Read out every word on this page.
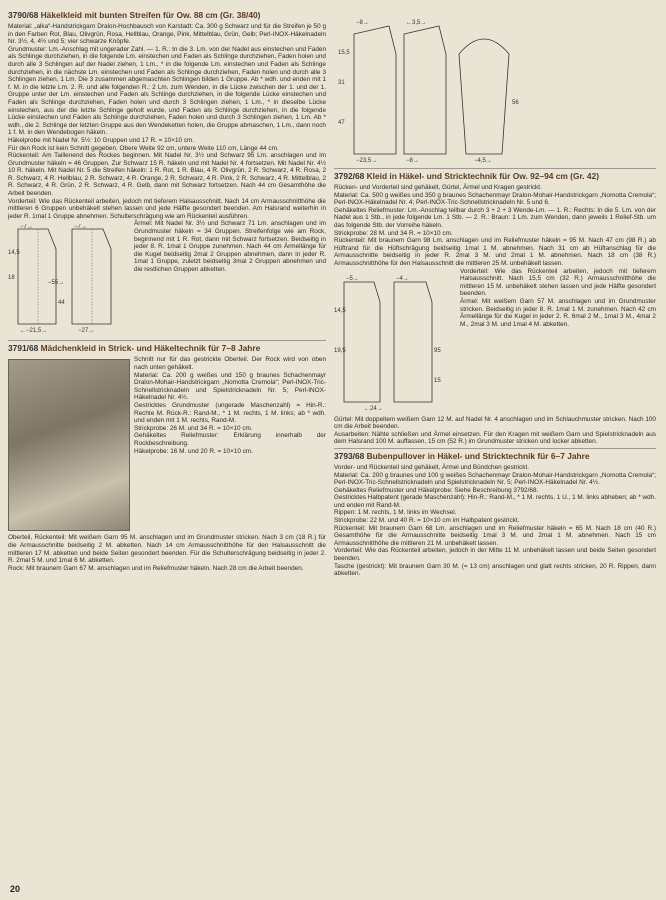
3790/68 Häkelkleid mit bunten Streifen für Ow. 88 cm (Gr. 38/40)

Material: „alka“-Handstrickgarn Dralon-Hochbausch von Karstadt: Ca. 300 g Schwarz und für die Streifen je 50 g in den Farben Rot, Blau, Olivgrün, Rosa, Hellblau, Orange, Pink, Mittelblau, Grün, Gelb; Perl-INOX-Häkelnadeln Nr. 3½, 4, 4½ und 5; vier schwarze Knöpfe.

Grundmuster: Lm.-Anschlag mit ungerader Zahl. — 1. R.: In die 3. Lm. von der Nadel aus einstechen und Faden als Schlinge durchziehen, in die folgende Lm. einstechen und Faden als Schlinge durchziehen, Faden holen und durch alle 3 Schlingen auf der Nadel ziehen, 1 Lm., * in die folgende Lm. einstechen und Faden als Schlinge durchziehen, in die nächste Lm. einstechen und Faden als Schlinge durchziehen, Faden holen und durch alle 3 Schlingen ziehen, 1 Lm. Die 3 zusammen abgemaschten Schlingen bilden 1 Gruppe. Ab * wdh. und enden mit 1 f. M. in die letzte Lm. 2. R. und alle folgenden R.: 2 Lm. zum Wenden, in die Lücke zwischen der 1. und der 1. Gruppe unter der Lm. einstechen und Faden als Schlinge durchziehen, in die folgende Lücke einstechen und Faden als Schlinge durchziehen, Faden holen und durch 3 Schlingen ziehen, 1 Lm., * in dieselbe Lücke einstechen, aus der die letzte Schlinge geholt wurde, und Faden als Schlinge durchziehen, in die folgende Lücke einstechen und Faden als Schlinge durchziehen, Faden holen und durch 3 Schlingen ziehen, 1 Lm. Ab * wdh., die 2. Schlinge der letzten Gruppe aus den Wendeketten holen, die Gruppe abmaschen, 1 Lm., dann noch 1 f. M. in den Wendebogen häkeln.

Häkelprobe mit Nadel Nr. 5½: 10 Gruppen und 17 R. = 10×10 cm.

Für den Rock ist kein Schnitt gegeben. Obere Weite 92 cm, untere Weite 110 cm, Länge 44 cm.

Rückenteil: Am Taillenend des Rockes beginnen. Mit Nadel Nr. 3½ und Schwarz 95 Lm. anschlagen und im Grundmuster häkeln = 46 Gruppen. Zur Schwarz 15 R. häkeln und mit Nadel Nr. 4 fortsetzen. Mit Nadel Nr. 4½ 10 R. häkeln. Mit Nadel Nr. 5 die Streifen häkeln: 1 R. Rot, 1 R. Blau, 4 R. Olivgrün, 2 R. Schwarz, 4 R. Rosa, 2 R. Schwarz, 4 R. Hellblau, 2 R. Schwarz, 4 R. Orange, 2 R. Schwarz, 4 R. Pink, 2 R. Schwarz, 4 R. Mittelblau, 2 R. Schwarz, 4 R. Grün, 2 R. Schwarz, 4 R. Gelb, dann mit Schwarz fortsetzen. Nach 44 cm Gesamthöhe die Arbeit beenden.

Vorderteil: Wie das Rückenteil arbeiten, jedoch mit tieferem Halsausschnitt. Nach 14 cm Armausschnitthöhe die mittleren 6 Gruppen unbehäkelt stehen lassen und jede Hälfte gesondert beenden. Am Halsrand weiterhin in jeder R. 1mal 1 Gruppe abnehmen. Schulterschrägung wie am Rückenteil ausführen.

−7→	−7→
14,5
18
44
←−21,5→	−27→
−55→

Ärmel: Mit Nadel Nr. 3½ und Schwarz 71 Lm. anschlagen und im Grundmuster häkeln = 34 Gruppen. Streifenfolge wie am Rock, beginnend mit 1 R. Rot, dann mit Schwarz fortsetzen. Beidseitig in jeder 8. R. 1mal 1 Gruppe zunehmen. Nach 44 cm Ärmellänge für die Kugel beidseitig 2mal 2 Gruppen abnehmen, dann in jeder R. 1mal 1 Gruppe, zuletzt beidseitig 3mal 2 Gruppen abnehmen und die restlichen Gruppen abketten.

3791/68 Mädchenkleid in Strick- und Häkeltechnik für 7–8 Jahre

Schnitt nur für das gestrickte Oberteil. Der Rock wird von oben nach unten gehäkelt.

Material: Ca. 200 g weißes und 150 g braunes Schachenmayr Dralon-Mohair-Handstrickgarn „Nomotta Cremola“; Perl-INOX-Tric-Schnellstricknadeln und Spielstricknadeln Nr. 5; Perl-INOX-Häkelnadel Nr. 4½.

Gestricktes Grundmuster (ungerade Maschenzahl) = Hin-R.: Rechte M. Rück-R.: Rand-M., * 1 M. rechts, 1 M. links; ab * wdh. und enden mit 1 M. rechts, Rand-M.

Strickprobe: 26 M. und 34 R. = 10×10 cm.

Gehäkeltes Reliefmuster: Erklärung innerhalb der Rockbeschreibung.

Häkelprobe: 16 M. und 20 R. = 10×10 cm.

Oberteil, Rückenteil: Mit weißem Garn 95 M. anschlagen und im Grundmuster stricken. Nach 3 cm (18 R.) für die Armausschnitte beidseitig 2 M. abketten. Nach 14 cm Armausschnitthöhe für den Halsausschnitt die mittleren 17 M. abketten und beide Seiten gesondert beenden. Für die Schulterschrägung beidseitig in jeder 2. R. 2mal 5 M. und 1mal 6 M. abketten.

Rock: Mit braunem Garn 67 M. anschlagen und im Reliefmuster häkeln. Nach 28 cm die Arbeit beenden.

−8→	←3,5→
15,5
31
47
56
−23,5→	−8→	−4,5→
3792/68 Kleid in Häkel- und Stricktechnik für Ow. 92–94 cm (Gr. 42)

Rücken- und Vorderteil sind gehäkelt, Gürtel, Ärmel und Kragen gestrickt.

Material: Ca. 500 g weißes und 350 g braunes Schachenmayr Dralon-Mohair-Handstrickgarn „Nomotta Cremola“; Perl-INOX-Häkelnadel Nr. 4; Perl-INOX-Tric-Schnellstricknadeln Nr. 5 und 6.

Gehäkeltes Reliefmuster: Lm.-Anschlag teilbar durch 3 + 2 + 3 Wende-Lm. — 1. R.: Rechts: In die 5. Lm. von der Nadel aus 1 Stb., in jede folgende Lm. 1 Stb. — 2. R.: Braun: 1 Lm. zum Wenden, dann jeweils 1 Relief-Stb. um das folgende Stb. der Vorreihe häkeln.

Strickprobe: 28 M. und 34 R. = 10×10 cm.

Rückenteil: Mit braunem Garn 98 Lm. anschlagen und im Reliefmuster häkeln = 95 M. Nach 47 cm (98 R.) ab Hüftrand für die Hüftschrägung beidseitig 1mal 1 M. abnehmen. Nach 31 cm ab Hüftanschlag für die Armausschnitte beidseitig in jeder R. 2mal 3 M. und 2mal 1 M. abnehmen. Nach 18 cm (38 R.) Armausschnitthöhe für den Halsausschnitt die mittleren 25 M. unbehäkelt lassen.

−5→	−4→
14,5
19,5	95
15
←24→

Vorderteil: Wie das Rückenteil arbeiten, jedoch mit tieferem Halsausschnitt. Nach 15,5 cm (32 R.) Armausschnitthöhe die mittleren 15 M. unbehäkelt stehen lassen und jede Hälfte gesondert beenden.

Ärmel: Mit weißem Garn 57 M. anschlagen und im Grundmuster stricken. Beidseitig in jeder 8. R. 1mal 1 M. zunehmen. Nach 42 cm Ärmellänge für die Kugel in jeder 2. R. 6mal 2 M., 1mal 3 M., 4mal 2 M., 2mal 3 M. und 1mal 4 M. abketten.

Gürtel: Mit doppeltem weißem Garn 12 M. auf Nadel Nr. 4 anschlagen und im Schlauchmuster stricken. Nach 100 cm die Arbeit beenden.

Ausarbeiten: Nähte schließen und Ärmel einsetzen. Für den Kragen mit weißem Garn und Spielstricknadeln aus dem Halsrand 100 M. auffassen, 15 cm (52 R.) im Grundmuster stricken und locker abketten.

3793/68 Bubenpullover in Häkel- und Stricktechnik für 6–7 Jahre

Vorder- und Rückenteil sind gehäkelt, Ärmel und Bündchen gestrickt.

Material: Ca. 200 g braunes und 100 g weißes Schachenmayr Dralon-Mohair-Handstrickgarn „Nomotta Cremola“; Perl-INOX-Tric-Schnellstricknadeln und Spielstricknadeln Nr. 5; Perl-INOX-Häkelnadel Nr. 4½.

Gehäkeltes Reliefmuster und Häkelprobe: Siehe Beschreibung 3792/68.

Gestricktes Halbpatent (gerade Maschenzahl): Hin-R.: Rand-M., * 1 M. rechts, 1 U., 1 M. links abheben; ab * wdh. und enden mit Rand-M.

Rippen: 1 M. rechts, 1 M. links im Wechsel.

Strickprobe: 22 M. und 40 R. = 10×10 cm im Halbpatent gestrickt.

Rückenteil: Mit braunem Garn 68 Lm. anschlagen und im Reliefmuster häkeln = 65 M. Nach 18 cm (40 R.) Gesamthöhe für die Armausschnitte beidseitig 1mal 3 M. und 2mal 1 M. abnehmen. Nach 15 cm Armausschnitthöhe die mittleren 21 M. unbehäkelt lassen.

Vorderteil: Wie das Rückenteil arbeiten, jedoch in der Mitte 11 M. unbehäkelt lassen und beide Seiten gesondert beenden.

Tasche (gestrickt): Mit braunem Garn 30 M. (= 13 cm) anschlagen und glatt rechts stricken, 20 R. Rippen, dann abketten.

20
